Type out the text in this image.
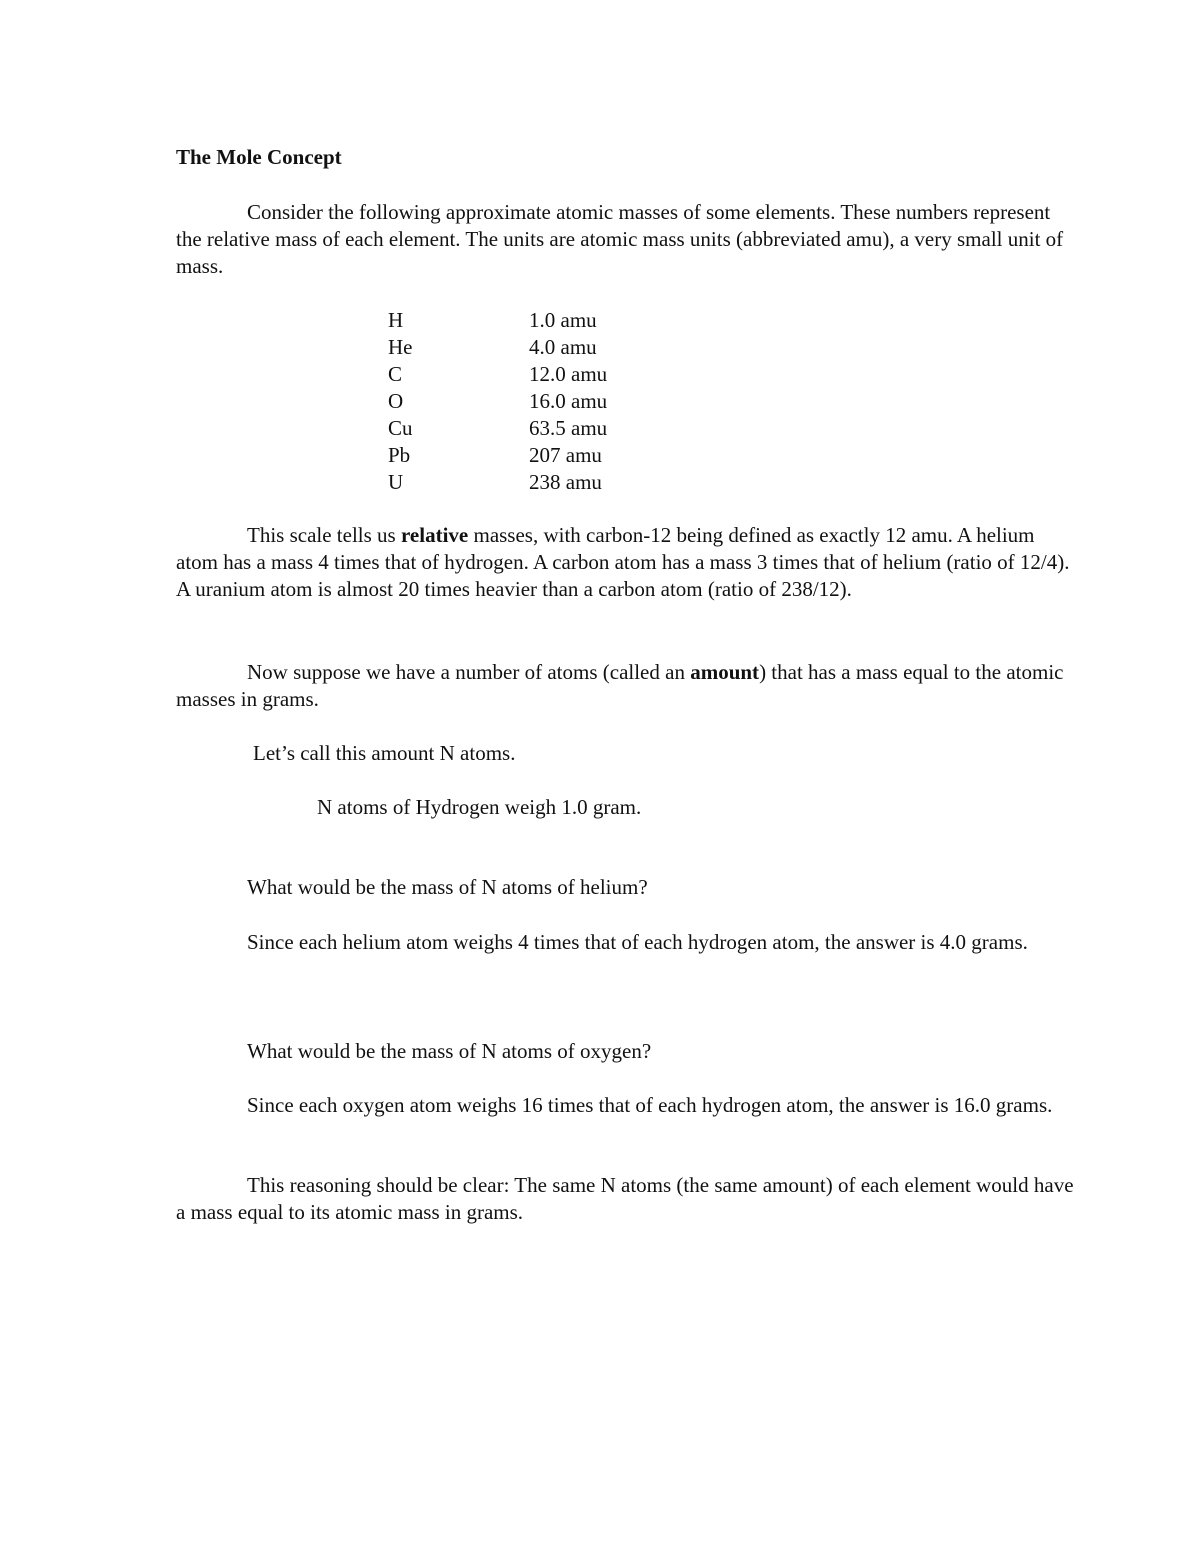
The Mole Concept

Consider the following approximate atomic masses of some elements. These numbers represent the relative mass of each element. The units are atomic mass units (abbreviated amu), a very small unit of mass.

H	1.0 amu
He	4.0 amu
C	12.0 amu
O	16.0 amu
Cu	63.5 amu
Pb	207 amu
U	238 amu

This scale tells us relative masses, with carbon-12 being defined as exactly 12 amu. A helium atom has a mass 4 times that of hydrogen. A carbon atom has a mass 3 times that of helium (ratio of 12/4). A uranium atom is almost 20 times heavier than a carbon atom (ratio of 238/12).

Now suppose we have a number of atoms (called an amount) that has a mass equal to the atomic masses in grams.

Let’s call this amount N atoms.

N atoms of Hydrogen weigh 1.0 gram.

What would be the mass of N atoms of helium?

Since each helium atom weighs 4 times that of each hydrogen atom, the answer is 4.0 grams.

What would be the mass of N atoms of oxygen?

Since each oxygen atom weighs 16 times that of each hydrogen atom, the answer is 16.0 grams.

This reasoning should be clear: The same N atoms (the same amount) of each element would have a mass equal to its atomic mass in grams.
